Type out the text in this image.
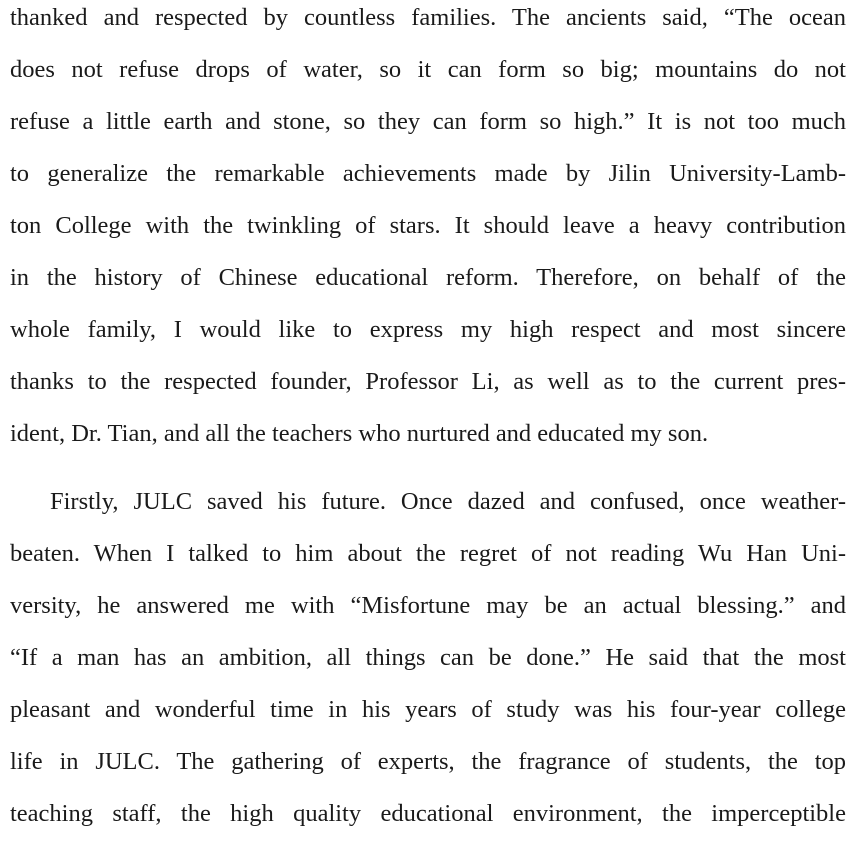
thanked and respected by countless families. The ancients said, “The ocean
does not refuse drops of water, so it can form so big; mountains do not
refuse a little earth and stone, so they can form so high.” It is not too much
to generalize the remarkable achievements made by Jilin University-Lamb-
ton College with the twinkling of stars. It should leave a heavy contribution
in the history of Chinese educational reform. Therefore, on behalf of the
whole family, I would like to express my high respect and most sincere
thanks to the respected founder, Professor Li, as well as to the current pres-
ident, Dr. Tian, and all the teachers who nurtured and educated my son.

Firstly, JULC saved his future. Once dazed and confused, once weather-
beaten. When I talked to him about the regret of not reading Wu Han Uni-
versity, he answered me with “Misfortune may be an actual blessing.” and
“If a man has an ambition, all things can be done.” He said that the most
pleasant and wonderful time in his years of study was his four-year college
life in JULC. The gathering of experts, the fragrance of students, the top
teaching staff, the high quality educational environment, the imperceptible
